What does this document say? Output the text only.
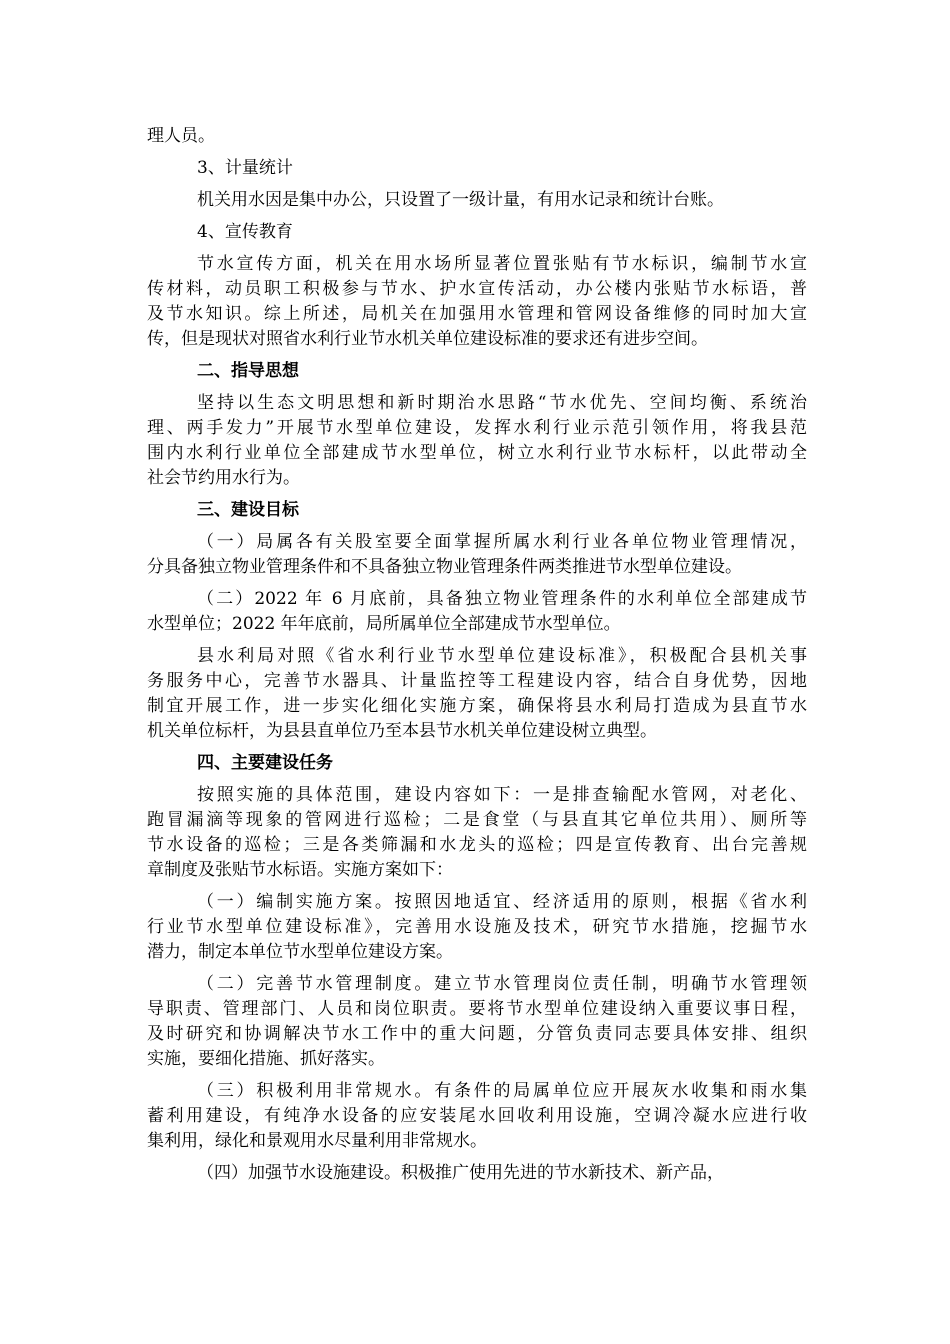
理人员。
3、计量统计
机关用水因是集中办公，只设置了一级计量，有用水记录和统计台账。
4、宣传教育
节水宣传方面，机关在用水场所显著位置张贴有节水标识，编制节水宣
传材料，动员职工积极参与节水、护水宣传活动，办公楼内张贴节水标语，普
及节水知识。综上所述，局机关在加强用水管理和管网设备维修的同时加大宣
传，但是现状对照省水利行业节水机关单位建设标准的要求还有进步空间。
二、指导思想
坚持以生态文明思想和新时期治水思路“节水优先、空间均衡、系统治
理、两手发力”开展节水型单位建设，发挥水利行业示范引领作用，将我县范
围内水利行业单位全部建成节水型单位，树立水利行业节水标杆，以此带动全
社会节约用水行为。
三、建设目标
（一）局属各有关股室要全面掌握所属水利行业各单位物业管理情况，
分具备独立物业管理条件和不具备独立物业管理条件两类推进节水型单位建设。
（二）2022 年 6 月底前，具备独立物业管理条件的水利单位全部建成节
水型单位；2022 年年底前，局所属单位全部建成节水型单位。
县水利局对照《省水利行业节水型单位建设标准》，积极配合县机关事
务服务中心，完善节水器具、计量监控等工程建设内容，结合自身优势，因地
制宜开展工作，进一步实化细化实施方案，确保将县水利局打造成为县直节水
机关单位标杆，为县县直单位乃至本县节水机关单位建设树立典型。
四、主要建设任务
按照实施的具体范围，建设内容如下：一是排查输配水管网，对老化、
跑冒漏滴等现象的管网进行巡检；二是食堂（与县直其它单位共用）、厕所等
节水设备的巡检；三是各类筛漏和水龙头的巡检；四是宣传教育、出台完善规
章制度及张贴节水标语。实施方案如下：
（一）编制实施方案。按照因地适宜、经济适用的原则，根据《省水利
行业节水型单位建设标准》，完善用水设施及技术，研究节水措施，挖掘节水
潜力，制定本单位节水型单位建设方案。
（二）完善节水管理制度。建立节水管理岗位责任制，明确节水管理领
导职责、管理部门、人员和岗位职责。要将节水型单位建设纳入重要议事日程，
及时研究和协调解决节水工作中的重大问题，分管负责同志要具体安排、组织
实施，要细化措施、抓好落实。
（三）积极利用非常规水。有条件的局属单位应开展灰水收集和雨水集
蓄利用建设，有纯净水设备的应安装尾水回收利用设施，空调冷凝水应进行收
集利用，绿化和景观用水尽量利用非常规水。
（四）加强节水设施建设。积极推广使用先进的节水新技术、新产品，
